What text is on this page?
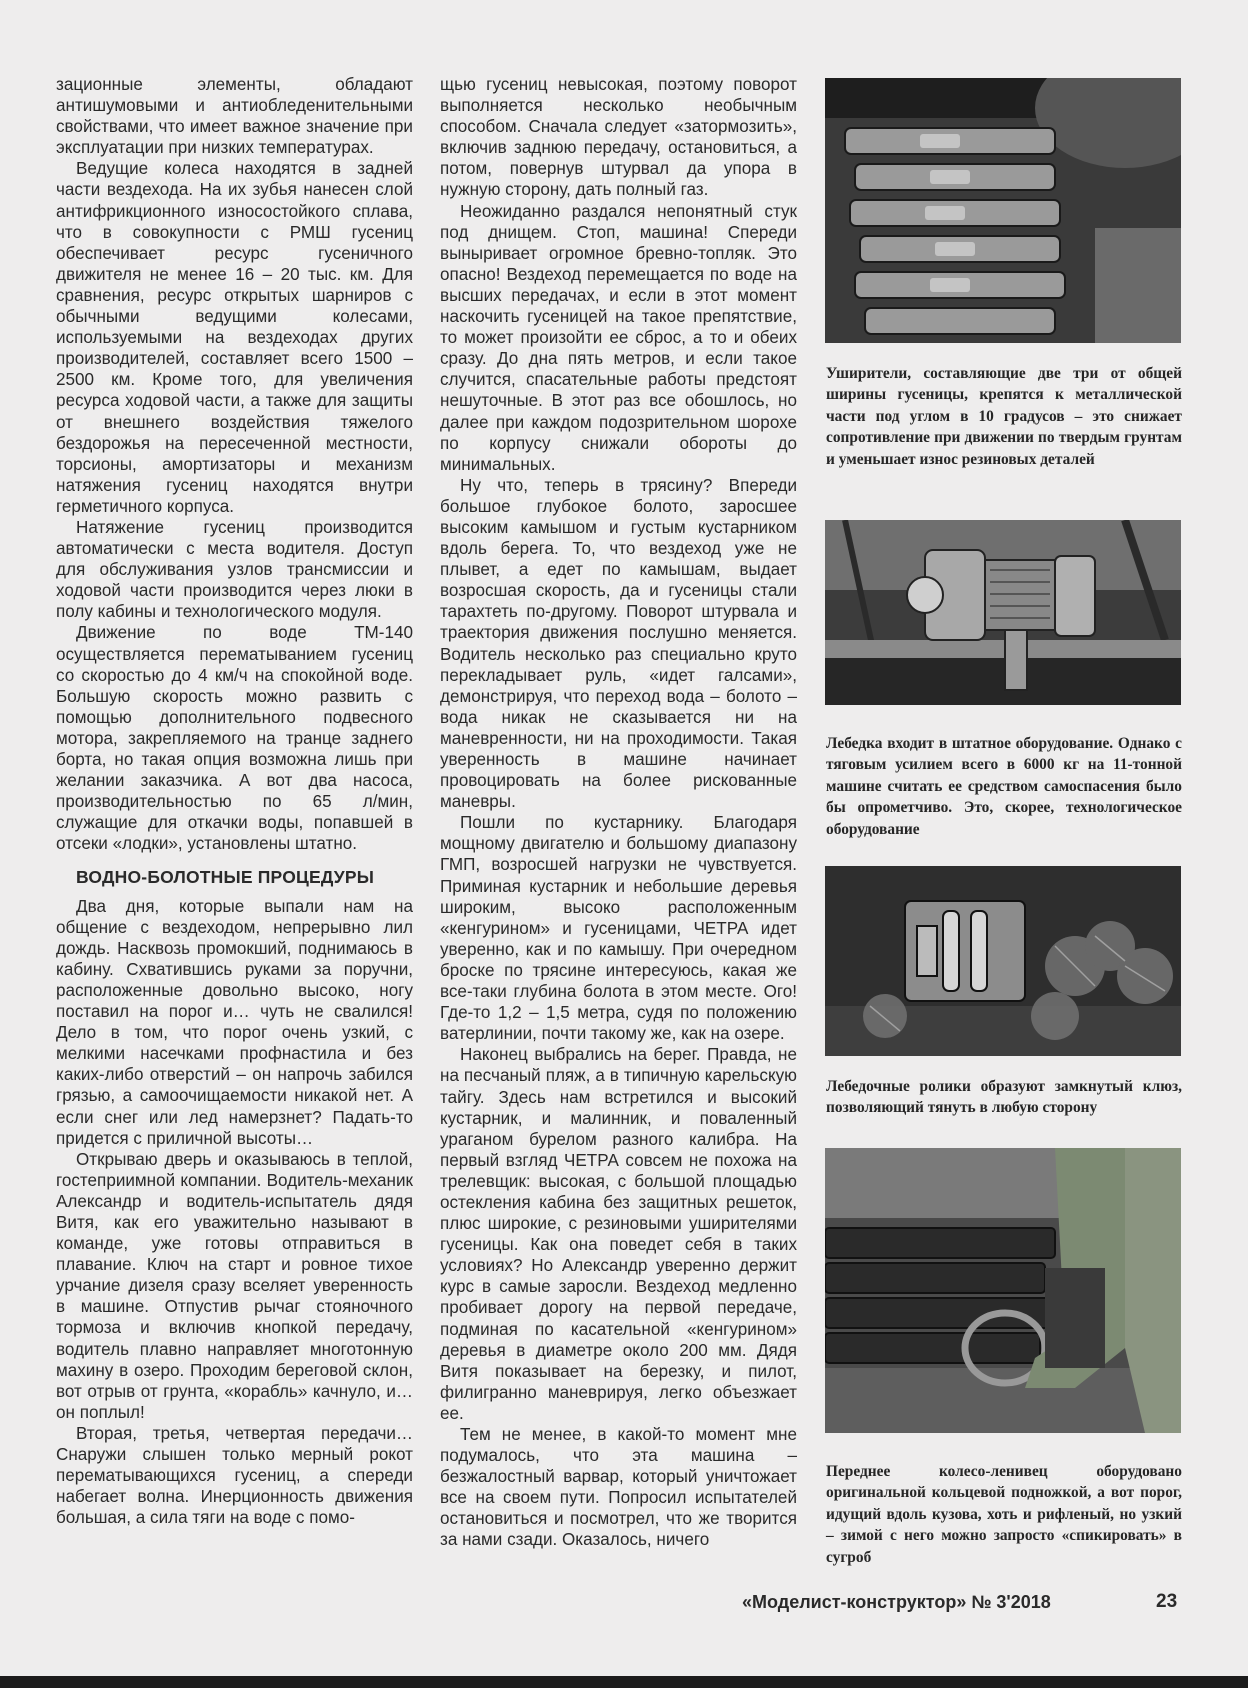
зационные элементы, обладают антишумовыми и антиобледенительными свойствами, что имеет важное значение при эксплуатации при низких температурах.

Ведущие колеса находятся в задней части вездехода. На их зубья нанесен слой антифрикционного износостойкого сплава, что в совокупности с РМШ гусениц обеспечивает ресурс гусеничного движителя не менее 16 – 20 тыс. км. Для сравнения, ресурс открытых шарниров с обычными ведущими колесами, используемыми на вездеходах других производителей, составляет всего 1500 – 2500 км. Кроме того, для увеличения ресурса ходовой части, а также для защиты от внешнего воздействия тяжелого бездорожья на пересеченной местности, торсионы, амортизаторы и механизм натяжения гусениц находятся внутри герметичного корпуса.

Натяжение гусениц производится автоматически с места водителя. Доступ для обслуживания узлов трансмиссии и ходовой части производится через люки в полу кабины и технологического модуля.

Движение по воде ТМ-140 осуществляется перематыванием гусениц со скоростью до 4 км/ч на спокойной воде. Большую скорость можно развить с помощью дополнительного подвесного мотора, закрепляемого на транце заднего борта, но такая опция возможна лишь при желании заказчика. А вот два насоса, производительностью по 65 л/мин, служащие для откачки воды, попавшей в отсеки «лодки», установлены штатно.

ВОДНО-БОЛОТНЫЕ ПРОЦЕДУРЫ

Два дня, которые выпали нам на общение с вездеходом, непрерывно лил дождь. Насквозь промокший, поднимаюсь в кабину. Схватившись руками за поручни, расположенные довольно высоко, ногу поставил на порог и… чуть не свалился! Дело в том, что порог очень узкий, с мелкими насечками профнастила и без каких-либо отверстий – он напрочь забился грязью, а самоочищаемости никакой нет. А если снег или лед намерзнет? Падать-то придется с приличной высоты…

Открываю дверь и оказываюсь в теплой, гостеприимной компании. Водитель-механик Александр и водитель-испытатель дядя Витя, как его уважительно называют в команде, уже готовы отправиться в плавание. Ключ на старт и ровное тихое урчание дизеля сразу вселяет уверенность в машине. Отпустив рычаг стояночного тормоза и включив кнопкой передачу, водитель плавно направляет многотонную махину в озеро. Проходим береговой склон, вот отрыв от грунта, «корабль» качнуло, и… он поплыл!

Вторая, третья, четвертая передачи… Снаружи слышен только мерный рокот перематывающихся гусениц, а спереди набегает волна. Инерционность движения большая, а сила тяги на воде с помо-

щью гусениц невысокая, поэтому поворот выполняется несколько необычным способом. Сначала следует «затормозить», включив заднюю передачу, остановиться, а потом, повернув штурвал да упора в нужную сторону, дать полный газ.

Неожиданно раздался непонятный стук под днищем. Стоп, машина! Спереди выныривает огромное бревно-топляк. Это опасно! Вездеход перемещается по воде на высших передачах, и если в этот момент наскочить гусеницей на такое препятствие, то может произойти ее сброс, а то и обеих сразу. До дна пять метров, и если такое случится, спасательные работы предстоят нешуточные. В этот раз все обошлось, но далее при каждом подозрительном шорохе по корпусу снижали обороты до минимальных.

Ну что, теперь в трясину? Впереди большое глубокое болото, заросшее высоким камышом и густым кустарником вдоль берега. То, что вездеход уже не плывет, а едет по камышам, выдает возросшая скорость, да и гусеницы стали тарахтеть по-другому. Поворот штурвала и траектория движения послушно меняется. Водитель несколько раз специально круто перекладывает руль, «идет галсами», демонстрируя, что переход вода – болото – вода никак не сказывается ни на маневренности, ни на проходимости. Такая уверенность в машине начинает провоцировать на более рискованные маневры.

Пошли по кустарнику. Благодаря мощному двигателю и большому диапазону ГМП, возросшей нагрузки не чувствуется. Приминая кустарник и небольшие деревья широким, высоко расположенным «кенгурином» и гусеницами, ЧЕТРА идет уверенно, как и по камышу. При очередном броске по трясине интересуюсь, какая же все-таки глубина болота в этом месте. Ого! Где-то 1,2 – 1,5 метра, судя по положению ватерлинии, почти такому же, как на озере.

Наконец выбрались на берег. Правда, не на песчаный пляж, а в типичную карельскую тайгу. Здесь нам встретился и высокий кустарник, и малинник, и поваленный ураганом бурелом разного калибра. На первый взгляд ЧЕТРА совсем не похожа на трелевщик: высокая, с большой площадью остекления кабина без защитных решеток, плюс широкие, с резиновыми уширителями гусеницы. Как она поведет себя в таких условиях? Но Александр уверенно держит курс в самые заросли. Вездеход медленно пробивает дорогу на первой передаче, подминая по касательной «кенгурином» деревья в диаметре около 200 мм. Дядя Витя показывает на березку, и пилот, филигранно маневрируя, легко объезжает ее.

Тем не менее, в какой-то момент мне подумалось, что эта машина – безжалостный варвар, который уничтожает все на своем пути. Попросил испытателей остановиться и посмотрел, что же творится за нами сзади. Оказалось, ничего

Уширители, составляющие две три от общей ширины гусеницы, крепятся к металлической части под углом в 10 градусов – это снижает сопротивление при движении по твердым грунтам и уменьшает износ резиновых деталей
Лебедка входит в штатное оборудование. Однако с тяговым усилием всего в 6000 кг на 11-тонной машине считать ее средством самоспасения было бы опрометчиво. Это, скорее, технологическое оборудование
Лебедочные ролики образуют замкнутый клюз, позволяющий тянуть в любую сторону
Переднее колесо-ленивец оборудовано оригинальной кольцевой подножкой, а вот порог, идущий вдоль кузова, хоть и рифленый, но узкий – зимой с него можно запросто «спикировать» в сугроб
«Моделист-конструктор» № 3'2018	23
